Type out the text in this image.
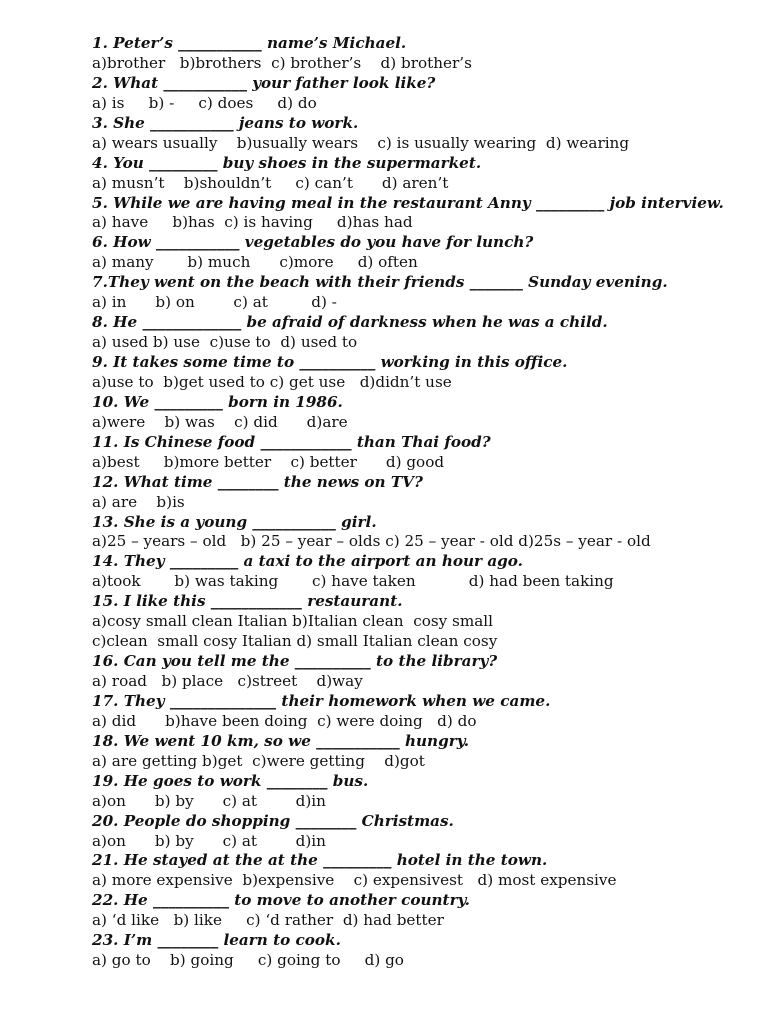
1. Peter’s ___________ name’s Michael.
a)brother   b)brothers  c) brother’s    d) brother’s
2. What ___________ your father look like?
a) is     b) -     c) does     d) do
3. She ___________ jeans to work.
a) wears usually    b)usually wears    c) is usually wearing  d) wearing
4. You _________ buy shoes in the supermarket.
a) musn’t    b)shouldn’t     c) can’t      d) aren’t
5. While we are having meal in the restaurant Anny _________ job interview.
a) have     b)has  c) is having     d)has had
6. How ___________ vegetables do you have for lunch?
a) many       b) much      c)more     d) often
7.They went on the beach with their friends _______ Sunday evening.
a) in      b) on        c) at         d) -
8. He _____________ be afraid of darkness when he was a child.
a) used b) use  c)use to  d) used to
9. It takes some time to __________ working in this office.
a)use to  b)get used to c) get use   d)didn’t use
10. We _________ born in 1986.
a)were    b) was    c) did      d)are
11. Is Chinese food ____________ than Thai food?
a)best     b)more better    c) better      d) good
12. What time ________ the news on TV?
a) are    b)is
13. She is a young ___________ girl.
a)25 – years – old   b) 25 – year – olds c) 25 – year - old d)25s – year - old
14. They _________ a taxi to the airport an hour ago.
a)took       b) was taking       c) have taken           d) had been taking
15. I like this ____________ restaurant.
a)cosy small clean Italian b)Italian clean  cosy small
c)clean  small cosy Italian d) small Italian clean cosy
16. Can you tell me the __________ to the library?
a) road   b) place   c)street    d)way
17. They ______________ their homework when we came.
a) did      b)have been doing  c) were doing   d) do
18. We went 10 km, so we ___________ hungry.
a) are getting b)get  c)were getting    d)got
19. He goes to work ________ bus.
a)on      b) by      c) at        d)in
20. People do shopping ________ Christmas.
a)on      b) by      c) at        d)in
21. He stayed at the at the _________ hotel in the town.
a) more expensive  b)expensive    c) expensivest   d) most expensive
22. He __________ to move to another country.
a) ‘d like   b) like     c) ‘d rather  d) had better
23. I’m ________ learn to cook.
a) go to    b) going     c) going to     d) go
